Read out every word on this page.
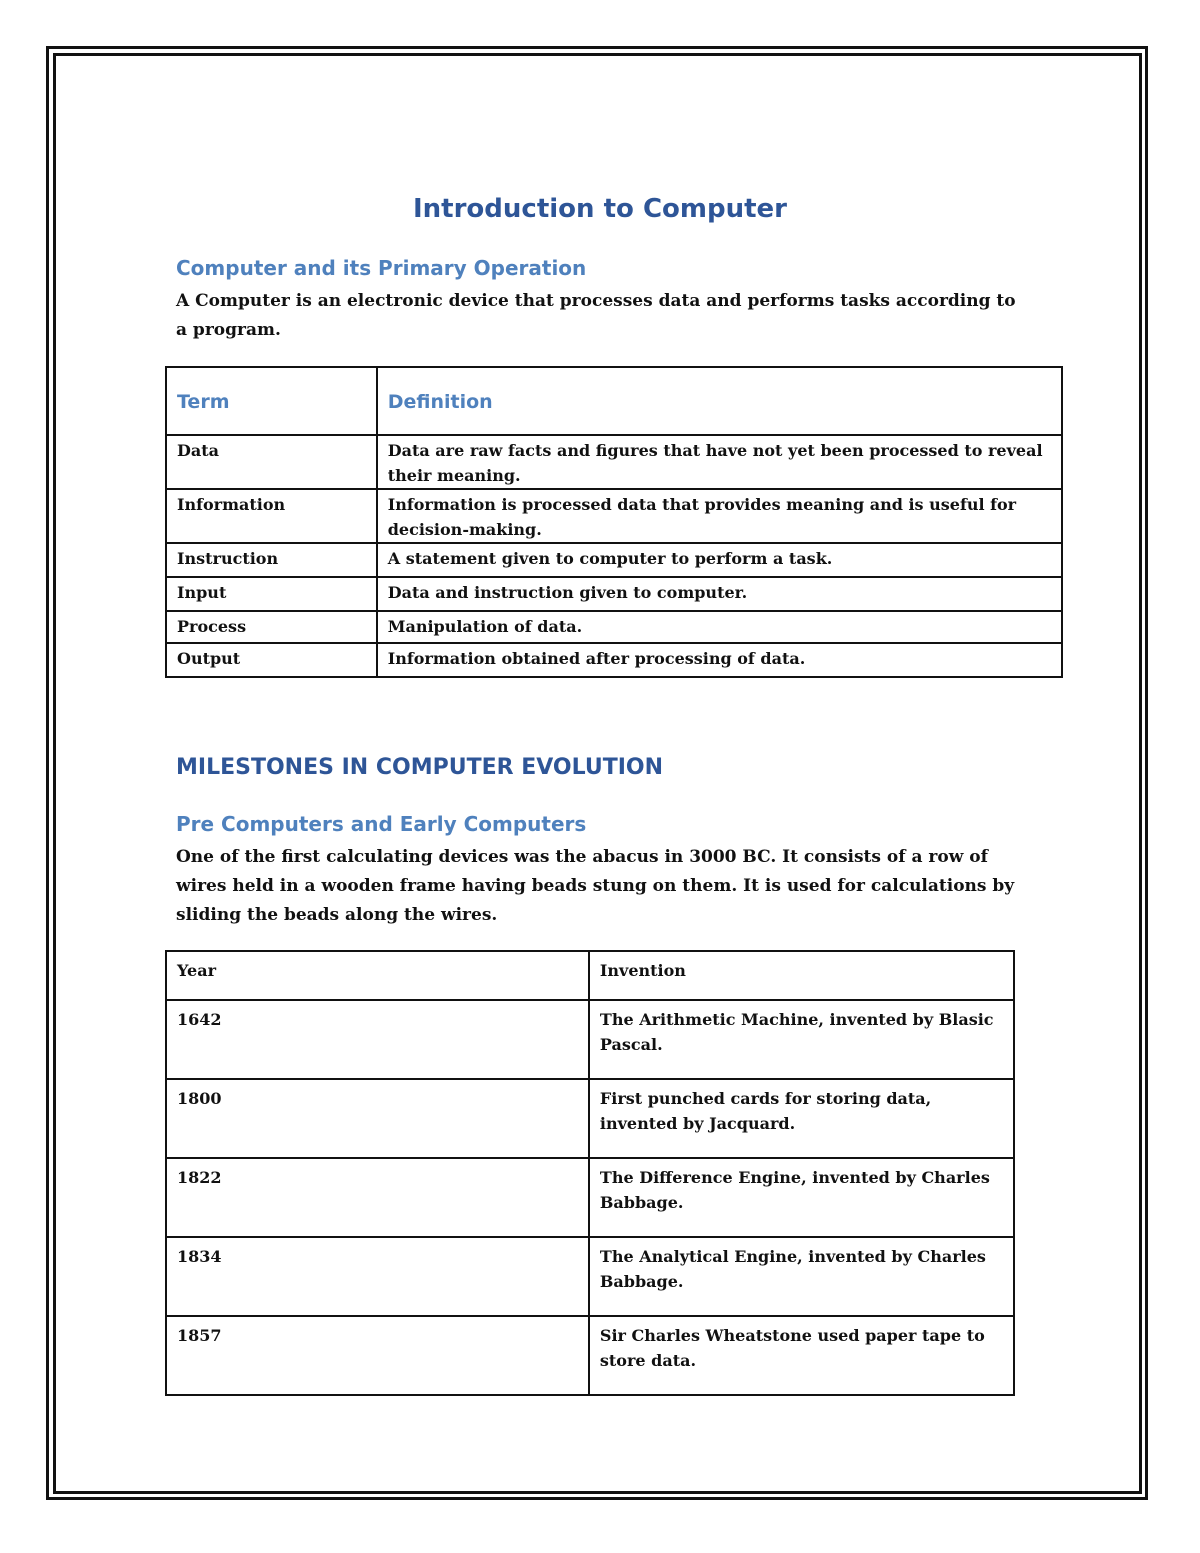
Introduction to Computer
Computer and its Primary Operation

A Computer is an electronic device that processes data and performs tasks according to a program.

Term	Definition
Data	Data are raw facts and figures that have not yet been processed to reveal their meaning.
Information	Information is processed data that provides meaning and is useful for decision-making.
Instruction	A statement given to computer to perform a task.
Input	Data and instruction given to computer.
Process	Manipulation of data.
Output	Information obtained after processing of data.
MILESTONES IN COMPUTER EVOLUTION
Pre Computers and Early Computers

One of the first calculating devices was the abacus in 3000 BC. It consists of a row of wires held in a wooden frame having beads stung on them. It is used for calculations by sliding the beads along the wires.

Year	Invention
1642	The Arithmetic Machine, invented by Blasic Pascal.
1800	First punched cards for storing data, invented by Jacquard.
1822	The Difference Engine, invented by Charles Babbage.
1834	The Analytical Engine, invented by Charles Babbage.
1857	Sir Charles Wheatstone used paper tape to store data.
